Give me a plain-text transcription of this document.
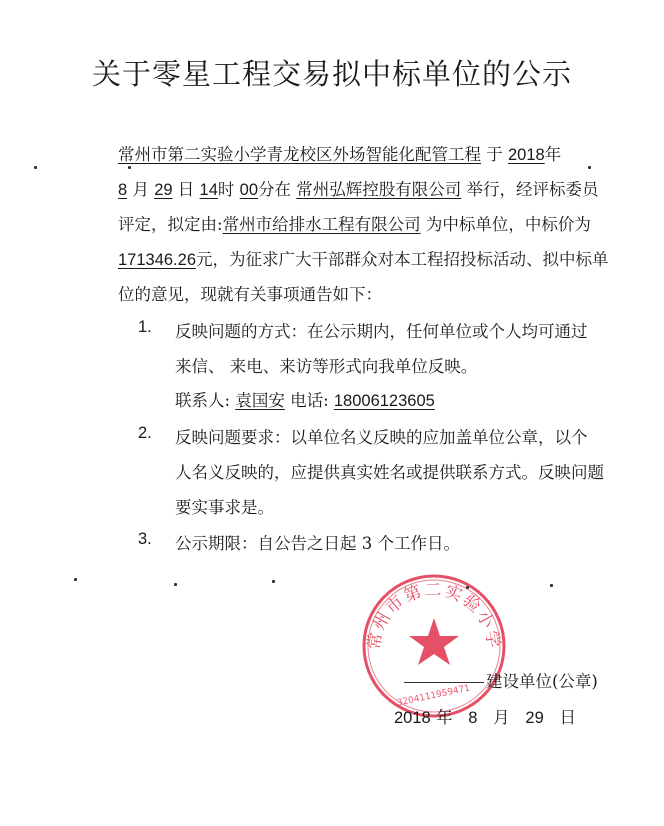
关于零星工程交易拟中标单位的公示
常州市第二实验小学青龙校区外场智能化配管工程 于 2018年
8 月 29 日 14时 00分在 常州弘辉控股有限公司 举行，经评标委员
评定，拟定由:常州市给排水工程有限公司 为中标单位，中标价为
171346.26元，为征求广大干部群众对本工程招投标活动、拟中标单
位的意见，现就有关事项通告如下：
1. 反映问题的方式：在公示期内，任何单位或个人均可通过
来信、 来电、来访等形式向我单位反映。
联系人: 袁国安 电话: 18006123605
2. 反映问题要求：以单位名义反映的应加盖单位公章，以个
人名义反映的，应提供真实姓名或提供联系方式。反映问题
要实事求是。
3. 公示期限：自公告之日起 3 个工作日。
常州市第二实验小学
3204111959471
建设单位(公章)
2018 年 8 月 29 日
